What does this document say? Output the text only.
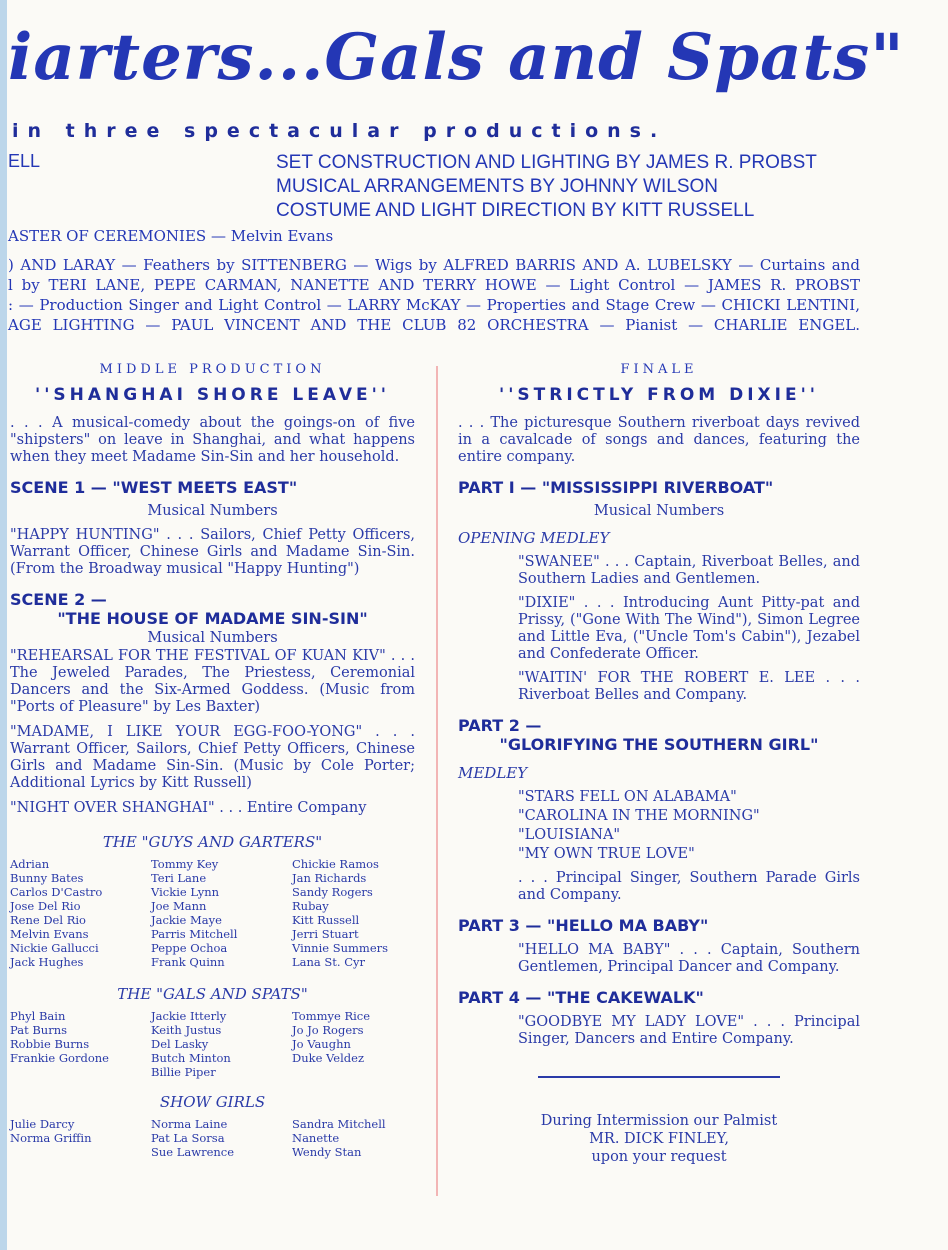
iarters...Gals and Spats"
in three spectacular productions.
ELL	SET CONSTRUCTION AND LIGHTING BY JAMES R. PROBST
MUSICAL ARRANGEMENTS BY JOHNNY WILSON
COSTUME AND LIGHT DIRECTION BY KITT RUSSELL
ASTER OF CEREMONIES — Melvin Evans
) AND LARAY — Feathers by SITTENBERG — Wigs by ALFRED BARRIS AND A. LUBELSKY — Curtains and
l by TERI LANE, PEPE CARMAN, NANETTE AND TERRY HOWE — Light Control — JAMES R. PROBST
: — Production Singer and Light Control — LARRY McKAY — Properties and Stage Crew — CHICKI LENTINI,
AGE LIGHTING — PAUL VINCENT AND THE CLUB 82 ORCHESTRA — Pianist — CHARLIE ENGEL.
MIDDLE PRODUCTION
''SHANGHAI SHORE LEAVE''
. . . A musical-comedy about the goings-on of five "shipsters" on leave in Shanghai, and what happens when they meet Madame Sin-Sin and her household.
SCENE 1 — "WEST MEETS EAST"
Musical Numbers
"HAPPY HUNTING" . . . Sailors, Chief Petty Officers, Warrant Officer, Chinese Girls and Madame Sin-Sin. (From the Broadway musical "Happy Hunting")
SCENE 2 —
"THE HOUSE OF MADAME SIN-SIN"
Musical Numbers
"REHEARSAL FOR THE FESTIVAL OF KUAN KIV" . . . The Jeweled Parades, The Priestess, Ceremonial Dancers and the Six-Armed Goddess. (Music from "Ports of Pleasure" by Les Baxter)
"MADAME, I LIKE YOUR EGG-FOO-YONG" . . . Warrant Officer, Sailors, Chief Petty Officers, Chinese Girls and Madame Sin-Sin. (Music by Cole Porter; Additional Lyrics by Kitt Russell)
"NIGHT OVER SHANGHAI" . . . Entire Company
THE "GUYS AND GARTERS"
Adrian
Bunny Bates
Carlos D'Castro
Jose Del Rio
Rene Del Rio
Melvin Evans
Nickie Gallucci
Jack Hughes
Tommy Key
Teri Lane
Vickie Lynn
Joe Mann
Jackie Maye
Parris Mitchell
Peppe Ochoa
Frank Quinn
Chickie Ramos
Jan Richards
Sandy Rogers
Rubay
Kitt Russell
Jerri Stuart
Vinnie Summers
Lana St. Cyr
THE "GALS AND SPATS"
Phyl Bain
Pat Burns
Robbie Burns
Frankie Gordone
Jackie Itterly
Keith Justus
Del Lasky
Butch Minton
Billie Piper
Tommye Rice
Jo Jo Rogers
Jo Vaughn
Duke Veldez
SHOW GIRLS
Julie Darcy
Norma Griffin
Norma Laine
Pat La Sorsa
Sue Lawrence
Sandra Mitchell
Nanette
Wendy Stan
FINALE
''STRICTLY FROM DIXIE''
. . . The picturesque Southern riverboat days revived in a cavalcade of songs and dances, featuring the entire company.
PART I — "MISSISSIPPI RIVERBOAT"
Musical Numbers
OPENING MEDLEY
"SWANEE" . . . Captain, Riverboat Belles, and Southern Ladies and Gentlemen.
"DIXIE" . . . Introducing Aunt Pitty-pat and Prissy, ("Gone With The Wind"), Simon Legree and Little Eva, ("Uncle Tom's Cabin"), Jezabel and Confederate Officer.
"WAITIN' FOR THE ROBERT E. LEE . . . Riverboat Belles and Company.
PART 2 —
"GLORIFYING THE SOUTHERN GIRL"
MEDLEY
"STARS FELL ON ALABAMA"
"CAROLINA IN THE MORNING"
"LOUISIANA"
"MY OWN TRUE LOVE"
. . . Principal Singer, Southern Parade Girls and Company.
PART 3 — "HELLO MA BABY"
"HELLO MA BABY" . . . Captain, Southern Gentlemen, Principal Dancer and Company.
PART 4 — "THE CAKEWALK"
"GOODBYE MY LADY LOVE" . . . Principal Singer, Dancers and Entire Company.
During Intermission our Palmist
MR. DICK FINLEY,
upon your request
